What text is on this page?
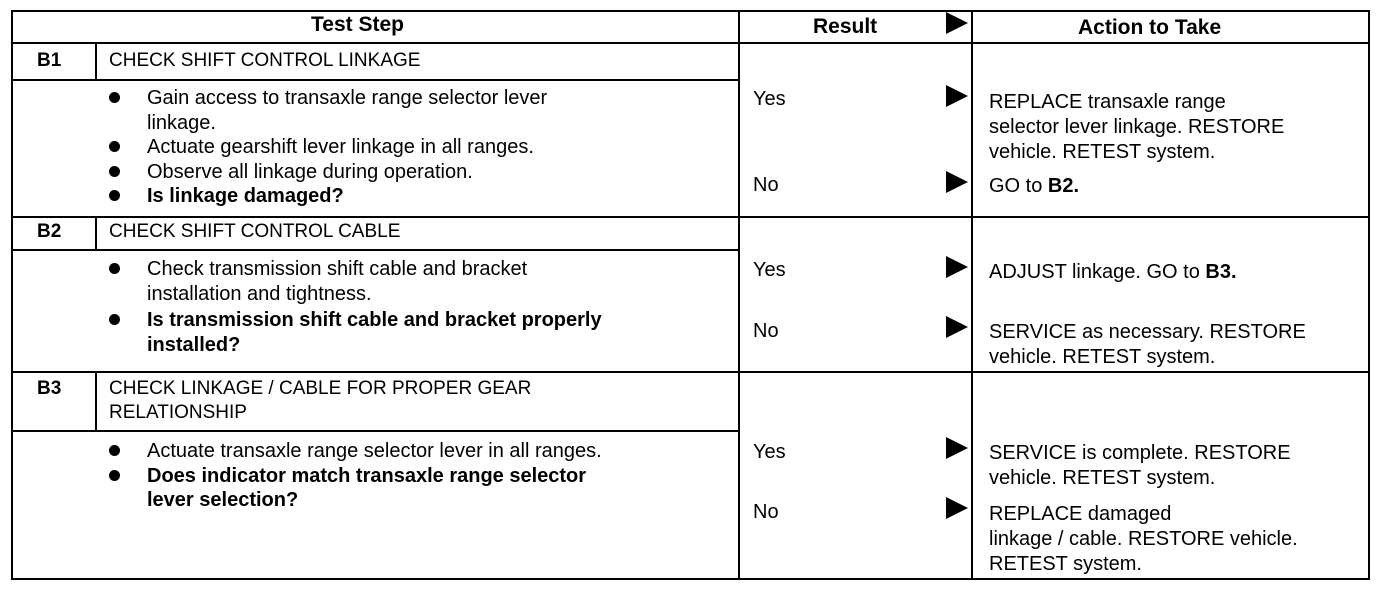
Test Step	Result	Action to Take
B1	CHECK SHIFT CONTROL LINKAGE
Gain access to transaxle range selector lever
linkage.
Actuate gearshift lever linkage in all ranges.
Observe all linkage during operation.
Is linkage damaged?
Yes	REPLACE transaxle range
selector lever linkage. RESTORE
vehicle. RETEST system.
No	GO to B2.
B2	CHECK SHIFT CONTROL CABLE
Check transmission shift cable and bracket
installation and tightness.
Is transmission shift cable and bracket properly
installed?
Yes	ADJUST linkage. GO to B3.
No	SERVICE as necessary. RESTORE
vehicle. RETEST system.
B3	CHECK LINKAGE / CABLE FOR PROPER GEAR
RELATIONSHIP
Actuate transaxle range selector lever in all ranges.
Does indicator match transaxle range selector
lever selection?
Yes	SERVICE is complete. RESTORE
vehicle. RETEST system.
No	REPLACE damaged
linkage / cable. RESTORE vehicle.
RETEST system.
